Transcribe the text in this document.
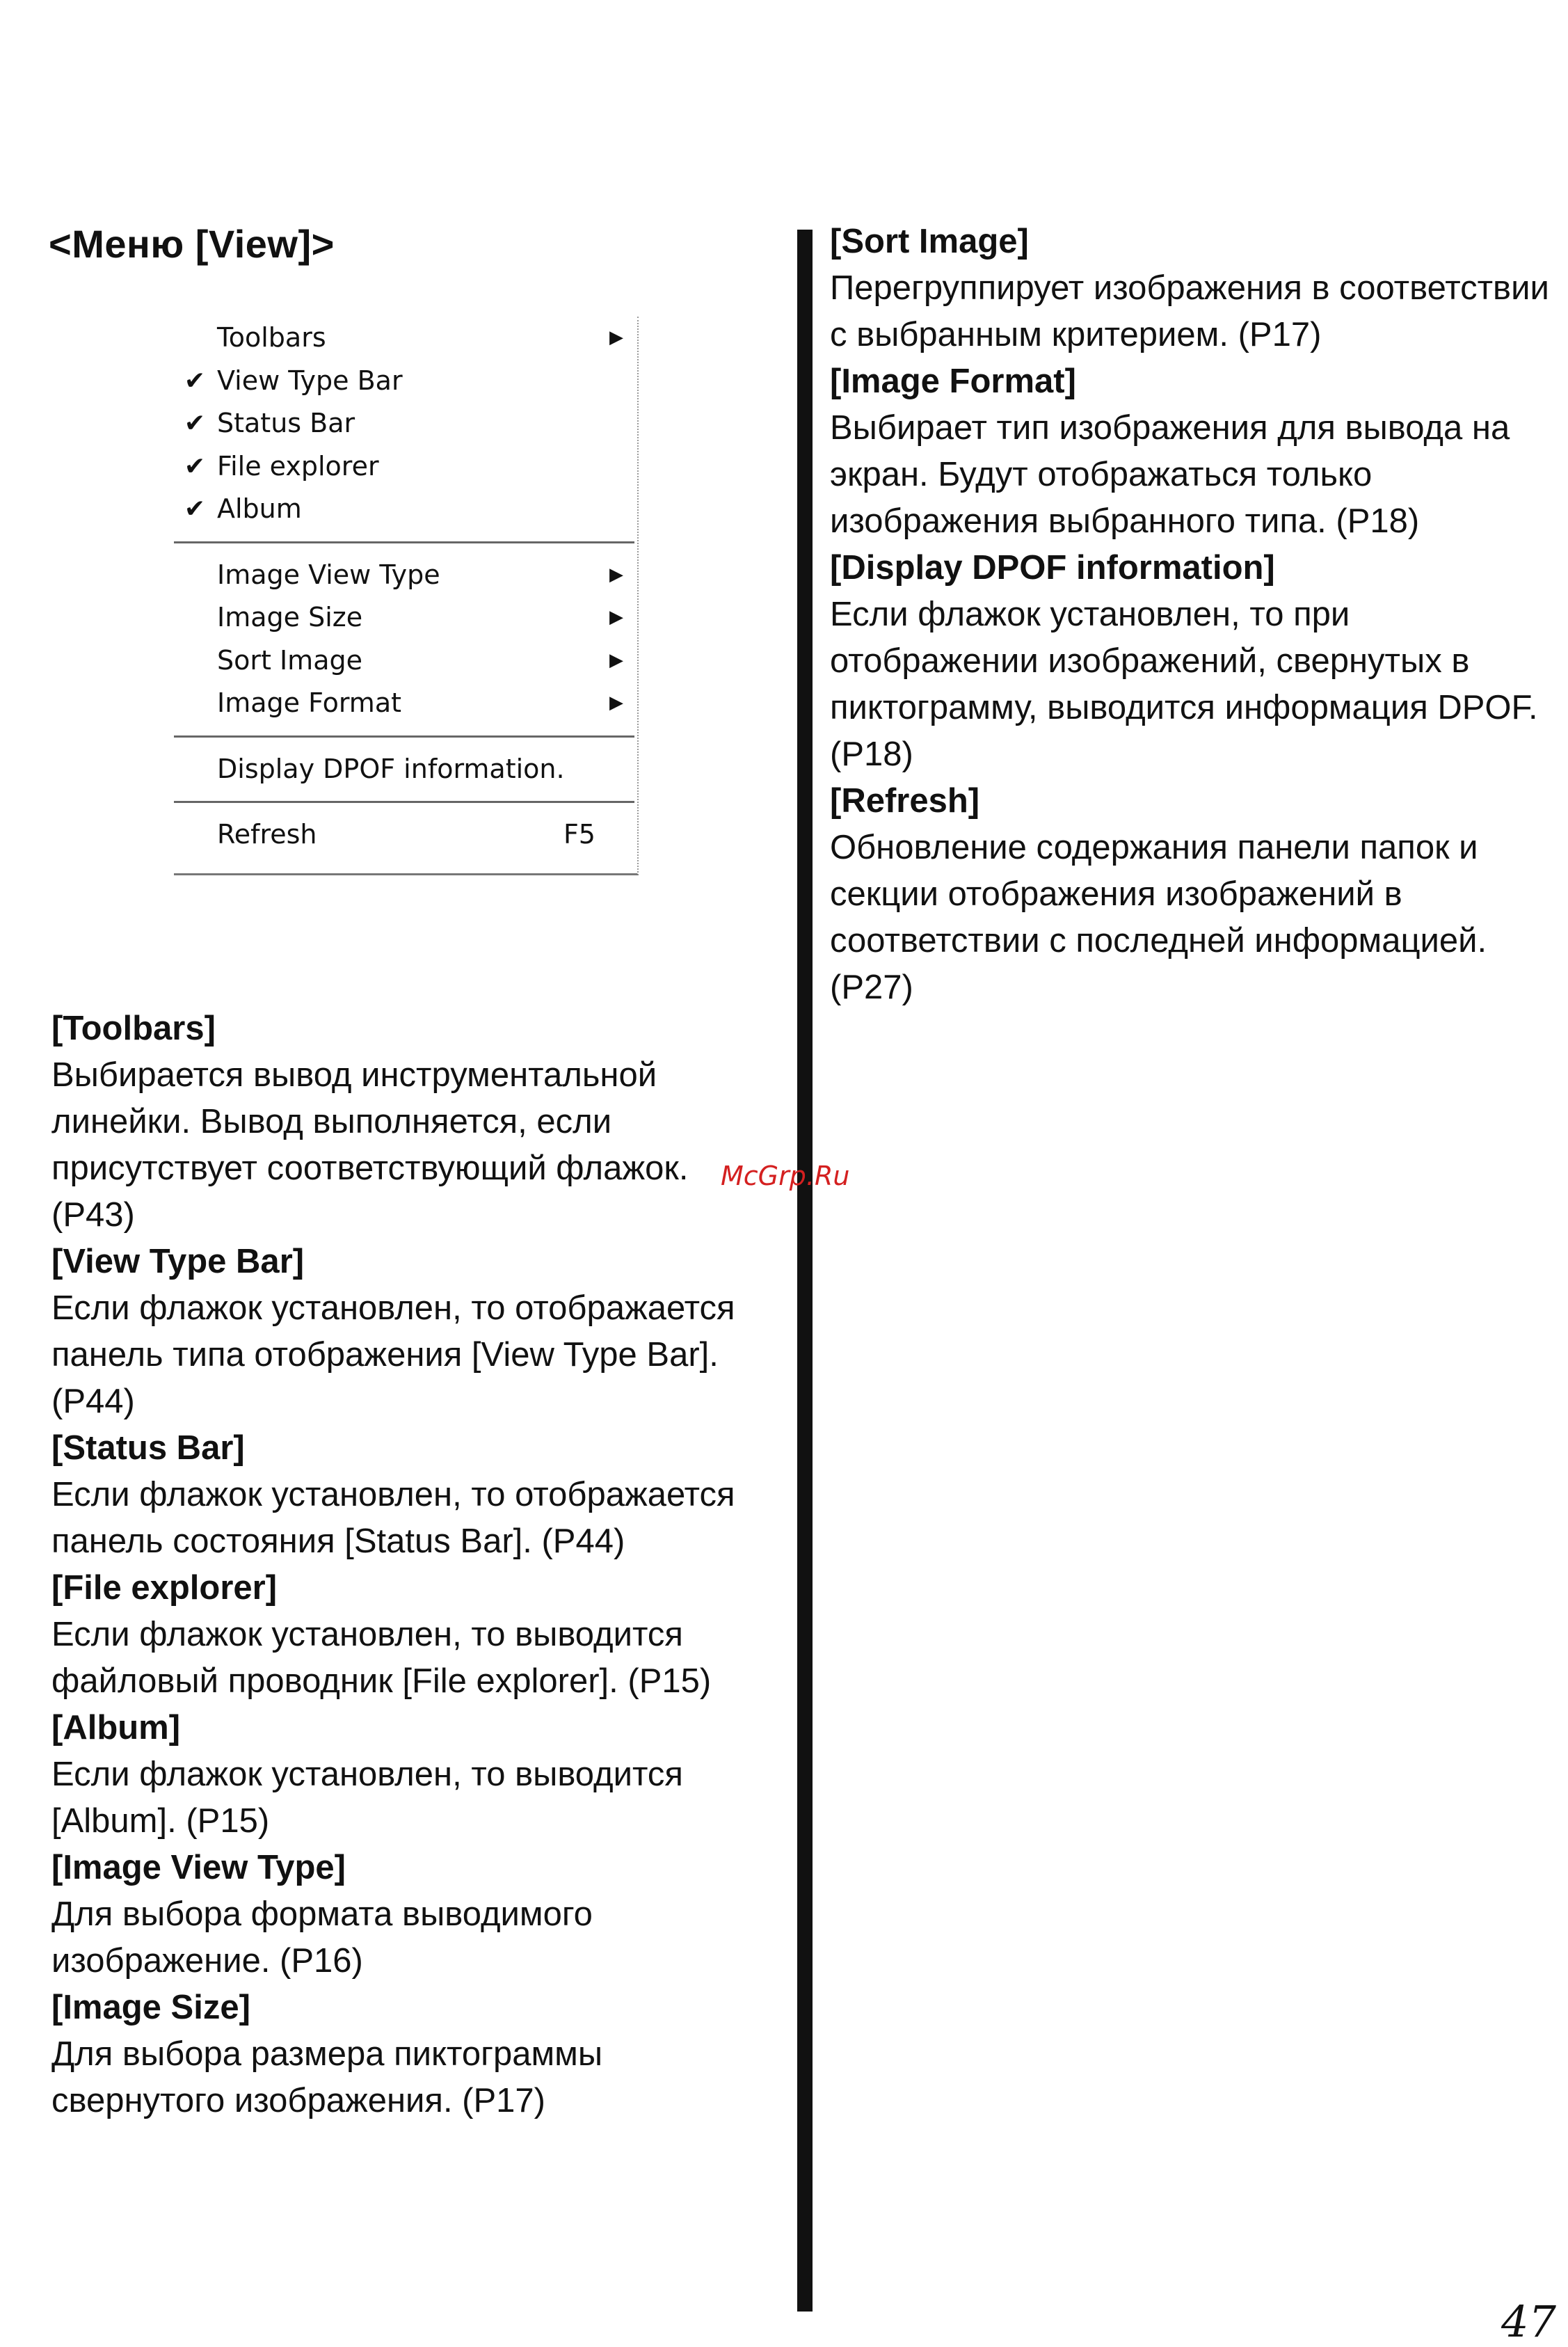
<Меню [View]>
Toolbars	▶
✔ View Type Bar
✔ Status Bar
✔ File explorer
✔ Album
Image View Type	▶
Image Size	▶
Sort Image	▶
Image Format	▶
Display DPOF information.
Refresh	F5
[Toolbars]
Выбирается вывод инструментальной линейки. Вывод выполняется, если присутствует соответствующий флажок. (P43)
[View Type Bar]
Если флажок установлен, то отображается панель типа отображения [View Type Bar]. (P44)
[Status Bar]
Если флажок установлен, то отображается панель состояния [Status Bar]. (P44)
[File explorer]
Если флажок установлен, то выводится файловый проводник [File explorer]. (P15)
[Album]
Если флажок установлен, то выводится [Album]. (P15)
[Image View Type]
Для выбора формата выводимого изображение. (P16)
[Image Size]
Для выбора размера пиктограммы свернутого изображения. (P17)
[Sort Image]
Перегруппирует изображения в соответствии с выбранным критерием. (P17)
[Image Format]
Выбирает тип изображения для вывода на экран. Будут отображаться только изображения выбранного типа. (P18)
[Display DPOF information]
Если флажок установлен, то при отображении изображений, свернутых в пиктограмму, выводится информация DPOF. (P18)
[Refresh]
Обновление содержания панели папок и секции отображения изображений в соответствии с последней информацией. (P27)
McGrp.Ru
47
